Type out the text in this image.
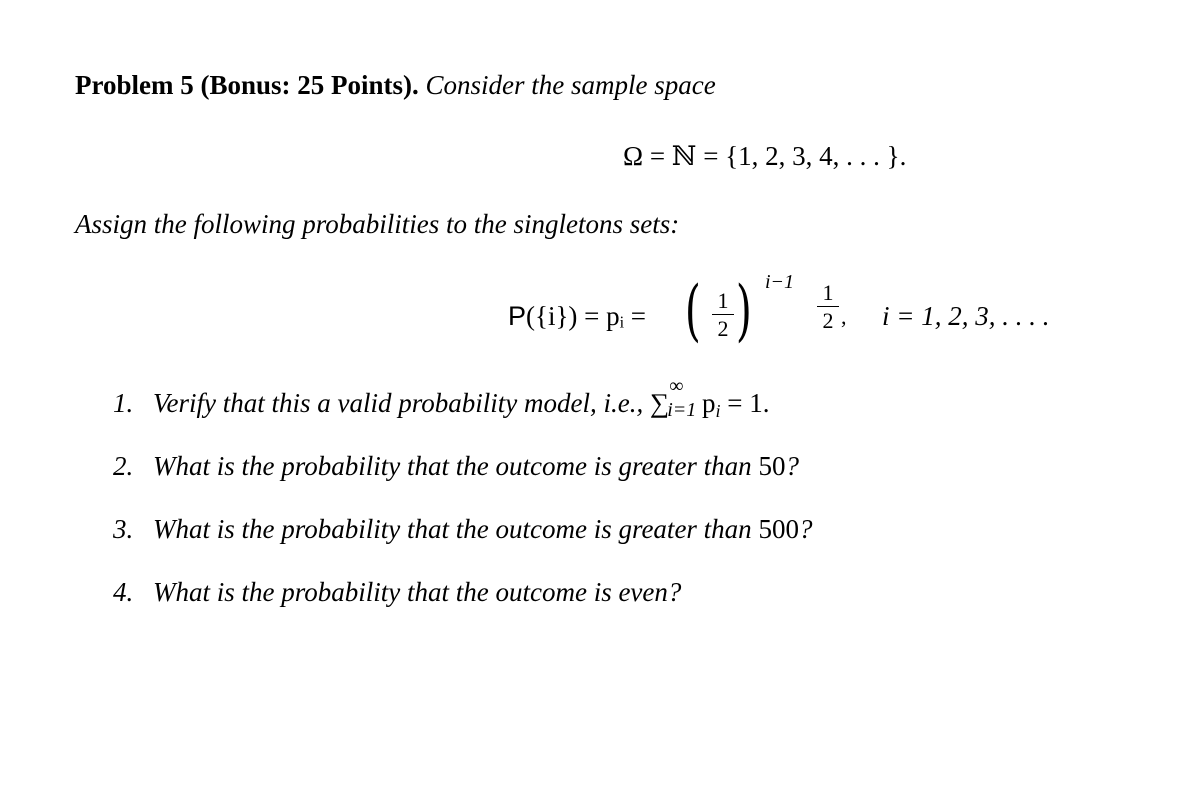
Problem 5 (Bonus: 25 Points). Consider the sample space
Ω = ℕ = {1, 2, 3, 4, . . . }.
Assign the following probabilities to the singletons sets:
P({i}) = pᵢ = ( 1
2 ) i−1 1
2 , i = 1, 2, 3, . . . .
1. Verify that this a valid probability model, i.e., ∑
∞
i=1
pi = 1.
2. What is the probability that the outcome is greater than 50?
3. What is the probability that the outcome is greater than 500?
4. What is the probability that the outcome is even?
